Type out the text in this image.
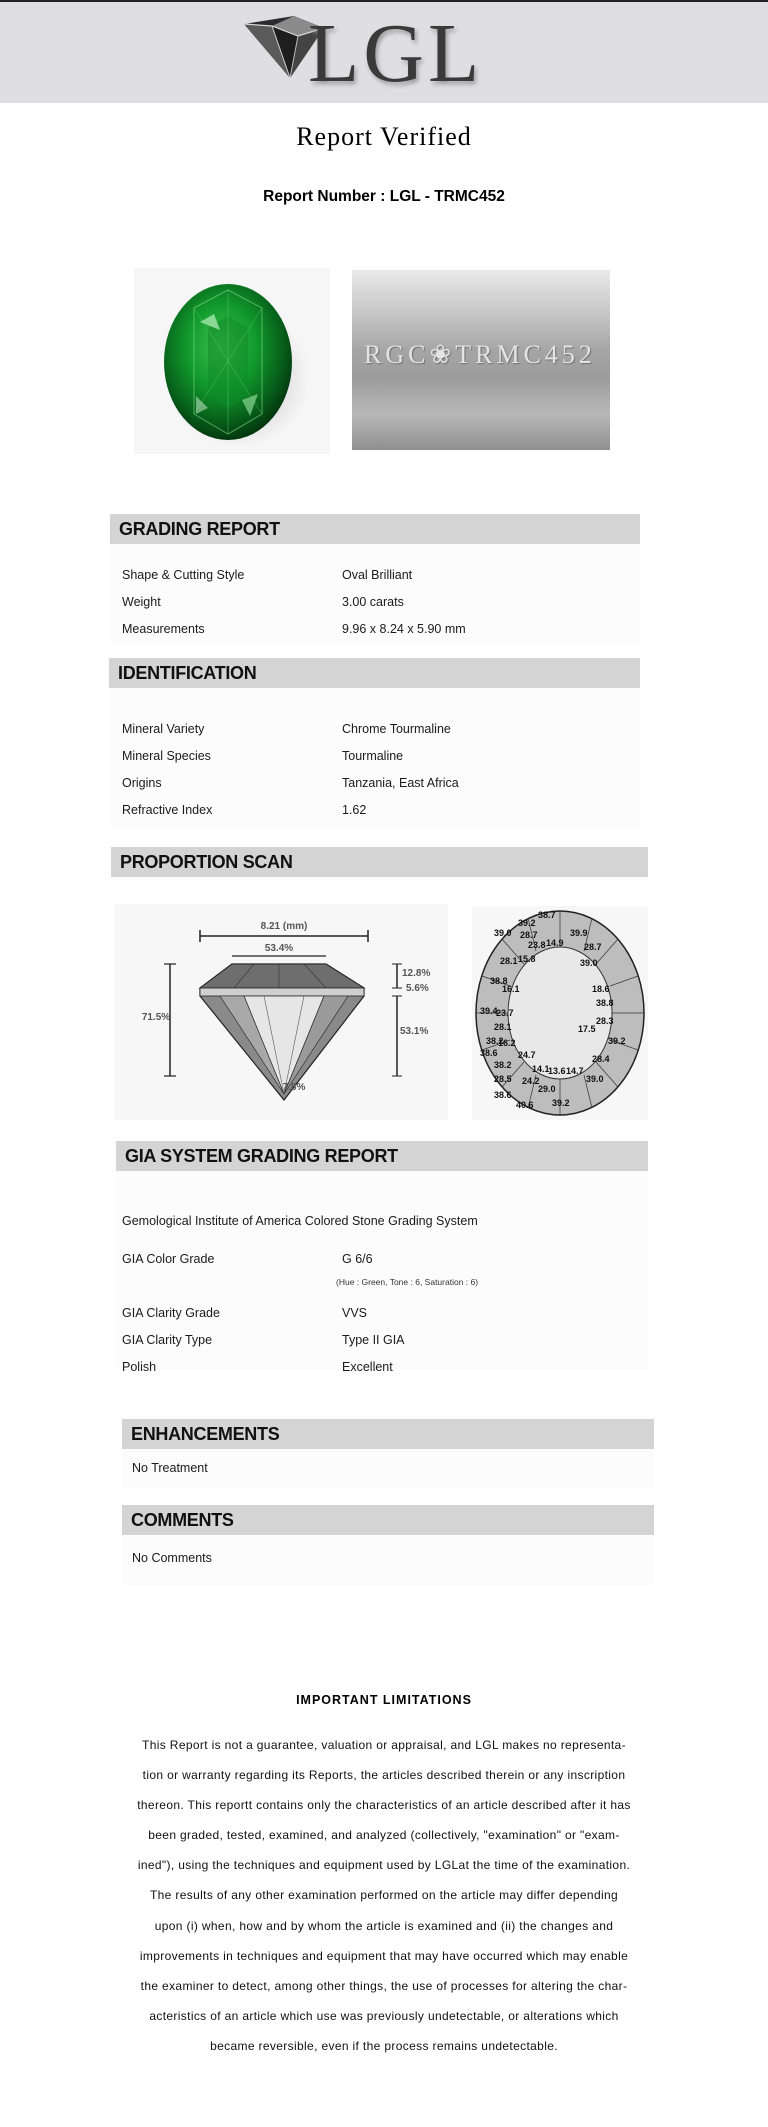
LGL
Report Verified
Report Number : LGL - TRMC452
RGC❀TRMC452
GRADING REPORT
Shape & Cutting Style	Oval Brilliant
Weight	3.00 carats
Measurements	9.96 x 8.24 x 5.90 mm
IDENTIFICATION
Mineral Variety	Chrome Tourmaline
Mineral Species	Tourmaline
Origins	Tanzania, East Africa
Refractive Index	1.62
PROPORTION SCAN
8.21 (mm)
53.4%
71.5%
12.8%
5.6%
53.1%
7.8%
39.2
38.7
39.0 28.7	39.9
23.8 14.9
28.1 15.8
28.7
39.0
38.8
16.1	18.6
38.8
39.4
23.7
28.3
28.1	17.5
38.2
38.6
16.2	39.2
38.2
24.7	28.4
14.1
13.6 14.7
28.5 24.2	39.0
38.6
29.0
40.6 39.2
GIA SYSTEM GRADING REPORT
Gemological Institute of America Colored Stone Grading System
GIA Color Grade	G 6/6
(Hue : Green, Tone : 6, Saturation : 6)
GIA Clarity Grade	VVS
GIA Clarity Type	Type II GIA
Polish	Excellent
ENHANCEMENTS
No Treatment
COMMENTS
No Comments
IMPORTANT LIMITATIONS
This Report is not a guarantee, valuation or appraisal, and LGL makes no representa-
tion or warranty regarding its Reports, the articles described therein or any inscription
thereon. This reportt contains only the characteristics of an article described after it has
been graded, tested, examined, and analyzed (collectively, "examination" or "exam-
ined"), using the techniques and equipment used by LGLat the time of the examination.
The results of any other examination performed on the article may differ depending
upon (i) when, how and by whom the article is examined and (ii) the changes and
improvements in techniques and equipment that may have occurred which may enable
the examiner to detect, among other things, the use of processes for altering the char-
acteristics of an article which use was previously undetectable, or alterations which
became reversible, even if the process remains undetectable.
